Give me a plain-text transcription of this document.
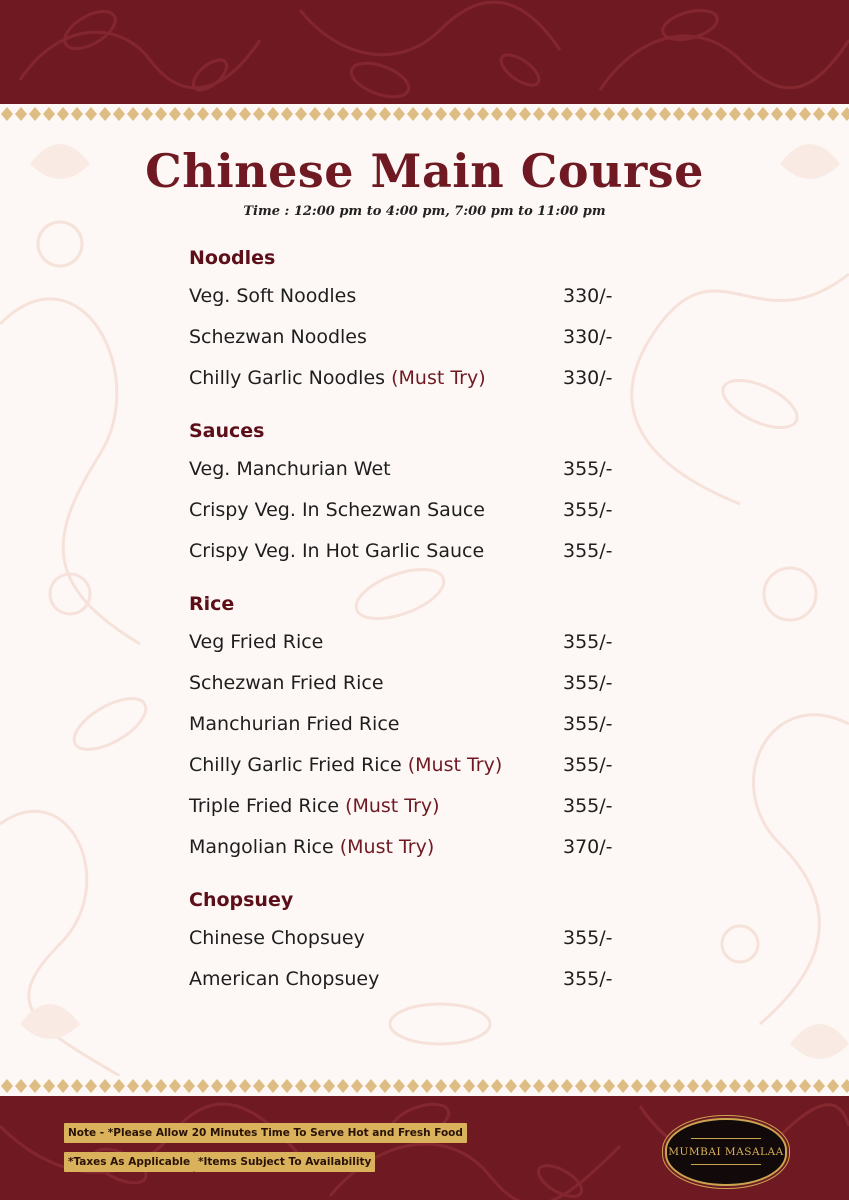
Chinese Main Course
Time : 12:00 pm to 4:00 pm, 7:00 pm to 11:00 pm
Noodles
Veg. Soft Noodles	330/-
Schezwan Noodles	330/-
Chilly Garlic Noodles (Must Try)	330/-
Sauces
Veg. Manchurian Wet	355/-
Crispy Veg. In Schezwan Sauce	355/-
Crispy Veg. In Hot Garlic Sauce	355/-
Rice
Veg Fried Rice	355/-
Schezwan Fried Rice	355/-
Manchurian Fried Rice	355/-
Chilly Garlic Fried Rice (Must Try)	355/-
Triple Fried Rice (Must Try)	355/-
Mangolian Rice (Must Try)	370/-
Chopsuey
Chinese Chopsuey	355/-
American Chopsuey	355/-
Note - *Please Allow 20 Minutes Time To Serve Hot and Fresh Food
*Taxes As Applicable *Items Subject To Availability
MUMBAI MASALAA
